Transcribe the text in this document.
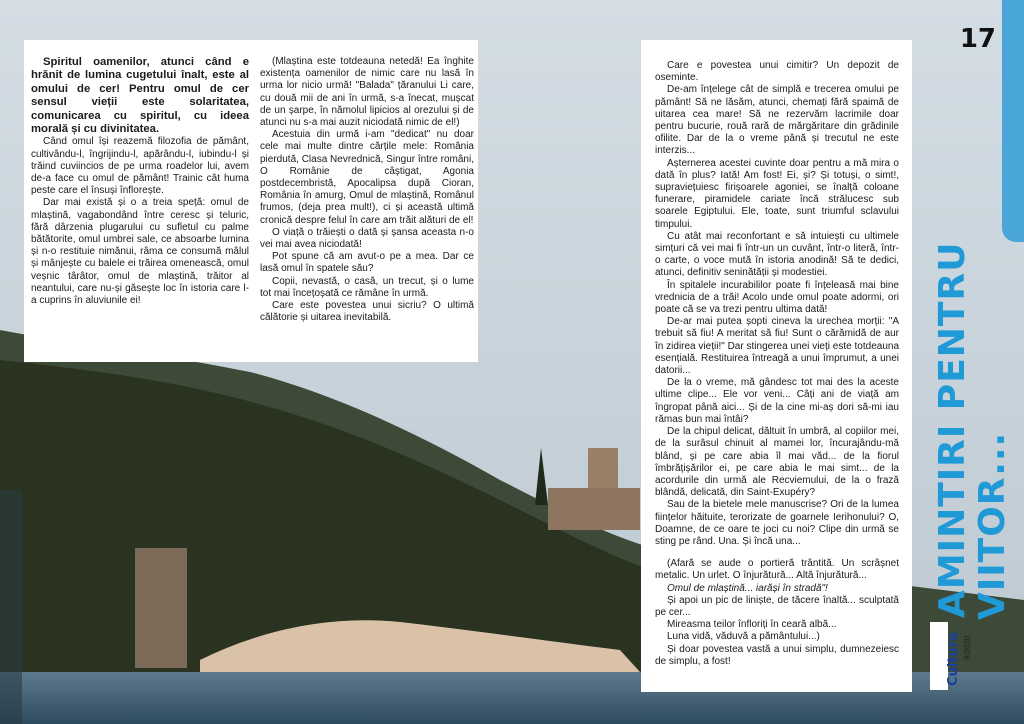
17

Spiritul oamenilor, atunci când e hrănit de lumina cugetului înalt, este al omului de cer! Pentru omul de cer sensul vieții este solaritatea, comunicarea cu spiritul, cu ideea morală și cu divinitatea.

Când omul își reazemă filozofia de pământ, cultivându-l, îngrijindu-l, apărându-l, iubindu-l și trăind cuviincios de pe urma roadelor lui, avem de-a face cu omul de pământ! Trainic cât huma peste care el însuși înflorește.

Dar mai există și o a treia speță: omul de mlaștină, vagabondând între ceresc și teluric, fără dârzenia plugarului cu sufletul cu palme bătătorite, omul umbrei sale, ce absoarbe lumina și n-o restituie nimănui, râma ce consumă mâlul și mânjește cu balele ei trăirea omenească, omul veșnic târâtor, omul de mlaștină, trăitor al neantului, care nu-și găsește loc în istoria care l-a cuprins în aluviunile ei!

(Mlaștina este totdeauna netedă! Ea înghite existența oamenilor de nimic care nu lasă în urma lor nicio urmă! "Balada" țăranului Li care, cu două mii de ani în urmă, s-a înecat, mușcat de un șarpe, în nămolul lipicios al orezului și de atunci nu s-a mai auzit niciodată nimic de el!)

Acestuia din urmă i-am "dedicat" nu doar cele mai multe dintre cărțile mele: România pierdută, Clasa Nevrednică, Singur între români, O Românie de câștigat, Agonia postdecembristă, Apocalipsa după Cioran, România în amurg, Omul de mlaștină, Românul frumos, (deja prea mult!), ci și această ultimă cronică despre felul în care am trăit alături de el!

O viață o trăiești o dată și șansa aceasta n-o vei mai avea niciodată!

Pot spune că am avut-o pe a mea. Dar ce lasă omul în spatele său?

Copii, nevastă, o casă, un trecut, și o lume tot mai încețoșată ce rămâne în urmă.

Care este povestea unui sicriu? O ultimă călătorie și uitarea inevitabilă.

Care e povestea unui cimitir? Un depozit de oseminte.

De-am înțelege cât de simplă e trecerea omului pe pământ! Să ne lăsăm, atunci, chemați fără spaimă de uitarea cea mare! Să ne rezervăm lacrimile doar pentru bucurie, rouă rară de mărgăritare din grădinile ofilite. Dar de la o vreme până și trecutul ne este interzis...

Așternerea acestei cuvinte doar pentru a mă mira o dată în plus? Iată! Am fost! Ei, și? Și totuși, o simt!, supraviețuiesc firișoarele agoniei, se înalță coloane funerare, piramidele cariate încă strălucesc sub soarele Egiptului. Ele, toate, sunt triumful sclavului timpului.

Cu atât mai reconfortant e să intuiești cu ultimele simțuri că vei mai fi într-un un cuvânt, într-o literă, într-o carte, o voce mută în istoria anodină! Să te dedici, atunci, definitiv seninătății și modestiei.

În spitalele incurabililor poate fi înțeleasă mai bine vrednicia de a trăi! Acolo unde omul poate adormi, ori poate că se va trezi pentru ultima dată!

De-ar mai putea șopti cineva la urechea morții: "A trebuit să fiu! A meritat să fiu! Sunt o cărămidă de aur în zidirea vieții!" Dar stingerea unei vieți este totdeauna esențială. Restituirea întreagă a unui împrumut, a unei datorii...

De la o vreme, mă gândesc tot mai des la aceste ultime clipe... Ele vor veni... Câți ani de viață am îngropat până aici... Și de la cine mi-aș dori să-mi iau rămas bun mai întâi?

De la chipul delicat, dăltuit în umbră, al copiilor mei, de la surâsul chinuit al mamei lor, încurajându-mă blând, și pe care abia îl mai văd... de la fiorul îmbrățișărilor ei, pe care abia le mai simt... de la acordurile din urmă ale Recviemului, de la o frază blândă, delicată, din Saint-Exupéry?

Sau de la bietele mele manuscrise? Ori de la lumea ființelor hăituite, terorizate de goarnele Ierihonului? O, Doamne, de ce oare te joci cu noi? Clipe din urmă se sting pe rând. Una. Și încă una...

(Afară se aude o portieră trântită. Un scrâșnet metalic. Un urlet. O înjurătură... Altă înjurătură...

Omul de mlaștină... iarăși în stradă"!

Și apoi un pic de liniște, de tăcere înaltă... sculptată pe cer...

Mireasma teilor înfloriți în ceară albă...

Luna vidă, văduvă a pământului...)

Și doar povestea vastă a unui simplu, dumnezeiesc de simplu, a fost!

AMINTIRI PENTRU VIITOR...
Cultura 9/2020
